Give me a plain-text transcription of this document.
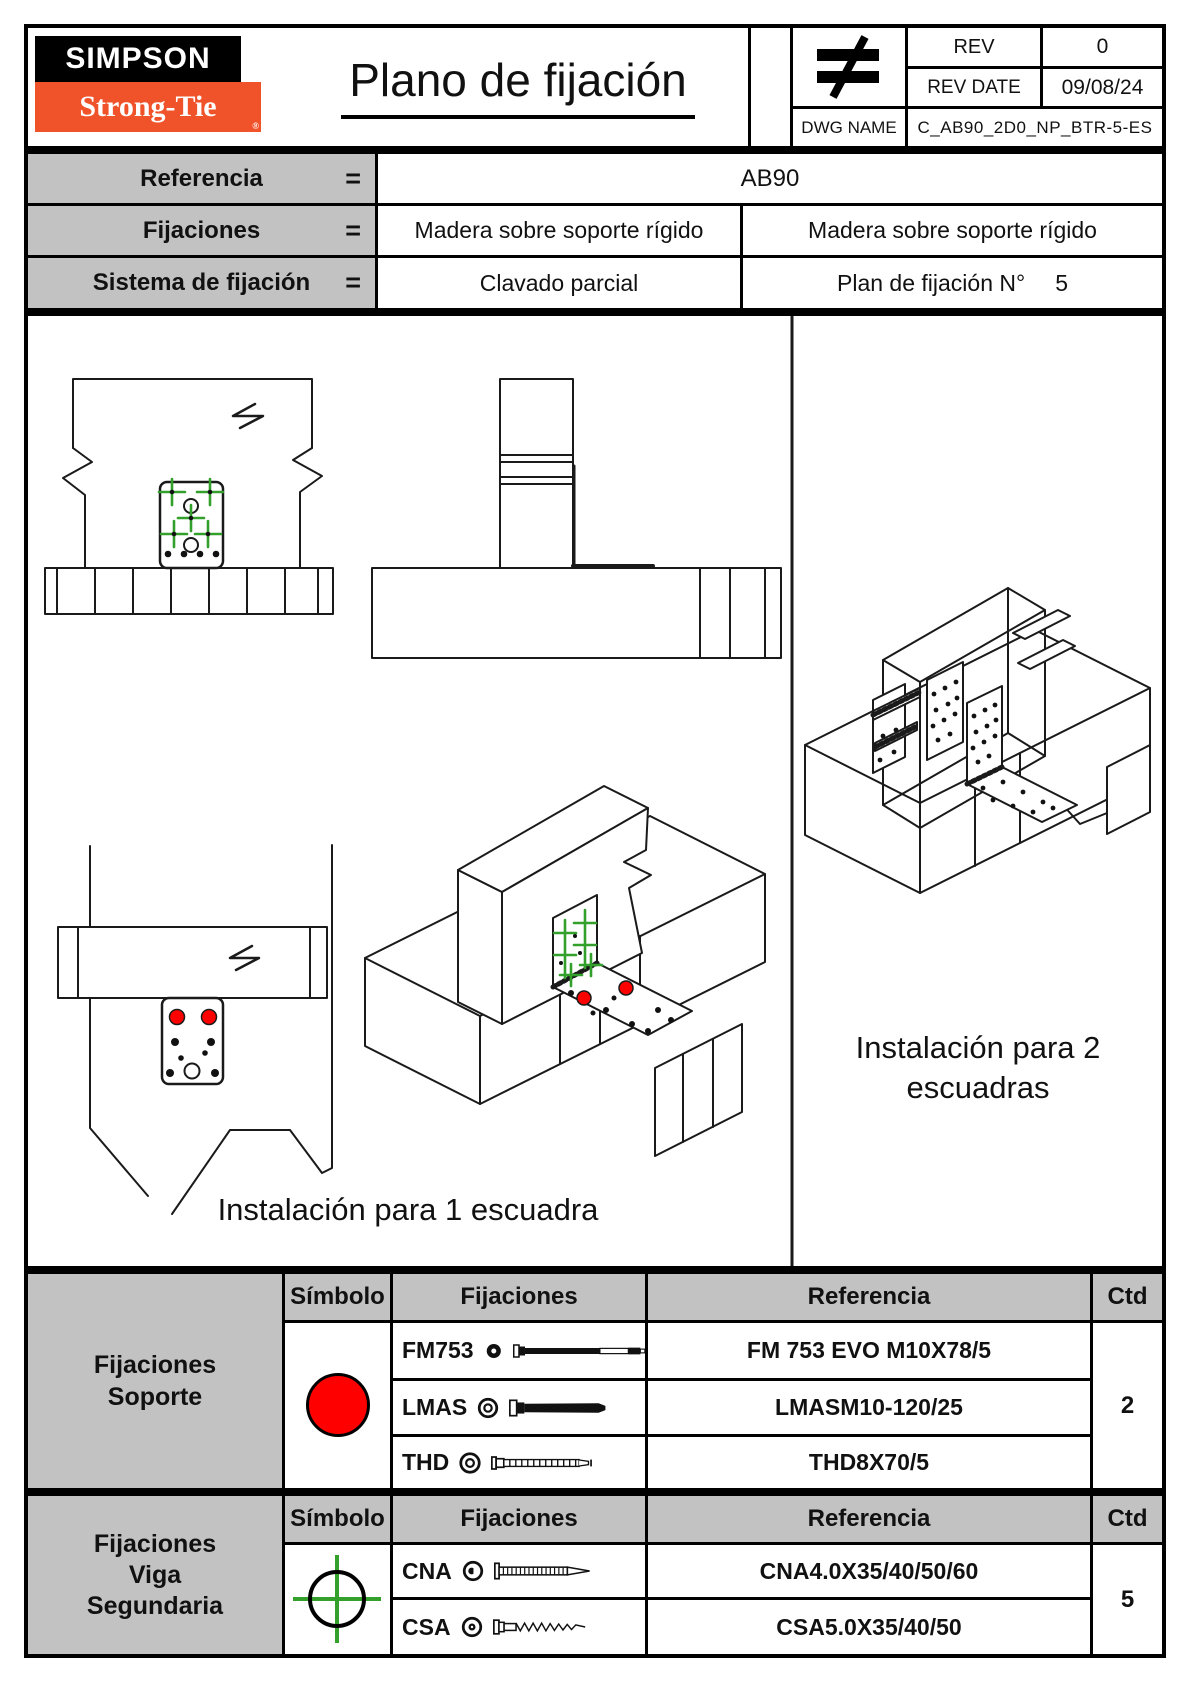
SIMPSON
Strong-Tie
®
Plano de fijación
REV	0
REV DATE	09/08/24
DWG NAME	C_AB90_2D0_NP_BTR-5-ES
Referencia	=	AB90
Fijaciones	=	Madera sobre soporte rígido	Madera sobre soporte rígido
Sistema de fijación =	Clavado parcial	Plan de fijación N° 5
Instalación para 1 escuadra
Instalación para 2
escuadras
Fijaciones
Soporte
Símbolo	Fijaciones	Referencia	Ctd
FM753	FM 753 EVO M10X78/5
LMAS	LMASM10-120/25
THD	THD8X70/5
2
Fijaciones
Viga
Segundaria
Símbolo	Fijaciones	Referencia	Ctd
CNA	CNA4.0X35/40/50/60
CSA	CSA5.0X35/40/50
5
